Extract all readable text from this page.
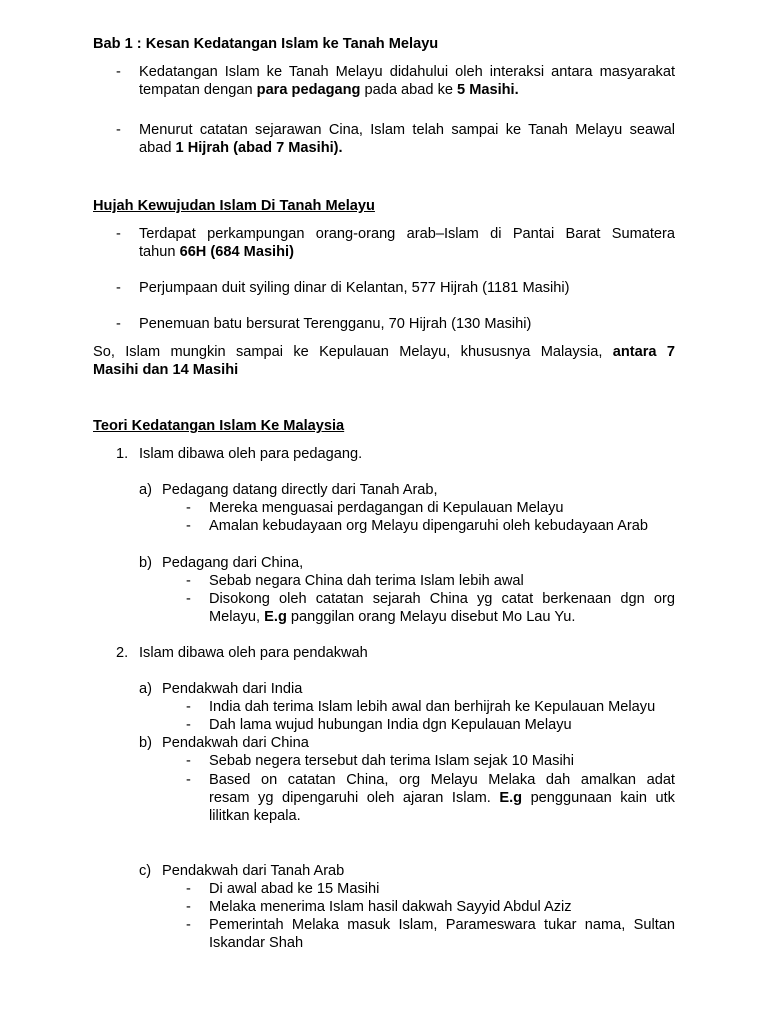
Bab 1 : Kesan Kedatangan Islam ke Tanah Melayu
- Kedatangan Islam ke Tanah Melayu didahului oleh interaksi antara masyarakat
tempatan dengan para pedagang pada abad ke 5 Masihi.
- Menurut catatan sejarawan Cina, Islam telah sampai ke Tanah Melayu seawal
abad 1 Hijrah (abad 7 Masihi).
Hujah Kewujudan Islam Di Tanah Melayu
- Terdapat perkampungan orang-orang arab–Islam di Pantai Barat Sumatera
tahun 66H (684 Masihi)
- Perjumpaan duit syiling dinar di Kelantan, 577 Hijrah (1181 Masihi)
- Penemuan batu bersurat Terengganu, 70 Hijrah (130 Masihi)
So, Islam mungkin sampai ke Kepulauan Melayu, khususnya Malaysia, antara 7
Masihi dan 14 Masihi
Teori Kedatangan Islam Ke Malaysia
1. Islam dibawa oleh para pedagang.
a) Pedagang datang directly dari Tanah Arab,
- Mereka menguasai perdagangan di Kepulauan Melayu
- Amalan kebudayaan org Melayu dipengaruhi oleh kebudayaan Arab
b) Pedagang dari China,
- Sebab negara China dah terima Islam lebih awal
- Disokong oleh catatan sejarah China yg catat berkenaan dgn org
Melayu, E.g panggilan orang Melayu disebut Mo Lau Yu.
2. Islam dibawa oleh para pendakwah
a) Pendakwah dari India
- India dah terima Islam lebih awal dan berhijrah ke Kepulauan Melayu
- Dah lama wujud hubungan India dgn Kepulauan Melayu
b) Pendakwah dari China
- Sebab negera tersebut dah terima Islam sejak 10 Masihi
- Based on catatan China, org Melayu Melaka dah amalkan adat
resam yg dipengaruhi oleh ajaran Islam. E.g penggunaan kain utk
lilitkan kepala.
c) Pendakwah dari Tanah Arab
- Di awal abad ke 15 Masihi
- Melaka menerima Islam hasil dakwah Sayyid Abdul Aziz
- Pemerintah Melaka masuk Islam, Parameswara tukar nama, Sultan
Iskandar Shah
